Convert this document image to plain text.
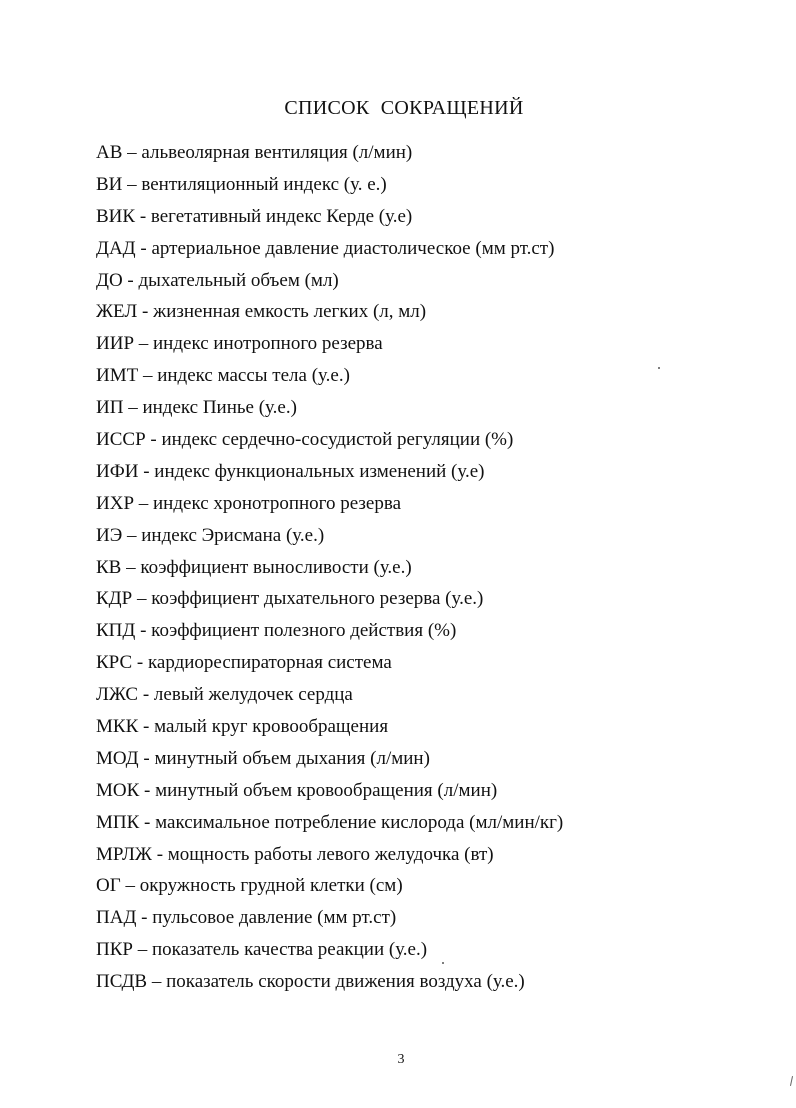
СПИСОК СОКРАЩЕНИЙ
АВ – альвеолярная вентиляция (л/мин)
ВИ – вентиляционный индекс (у. е.)
ВИК - вегетативный индекс Керде (у.е)
ДАД - артериальное давление диастолическое (мм рт.ст)
ДО - дыхательный объем (мл)
ЖЕЛ - жизненная емкость легких (л, мл)
ИИР – индекс инотропного резерва
ИМТ – индекс массы тела (у.е.)
ИП – индекс Пинье (у.е.)
ИССР - индекс сердечно-сосудистой регуляции (%)
ИФИ - индекс функциональных изменений (у.е)
ИХР – индекс хронотропного резерва
ИЭ – индекс Эрисмана (у.е.)
КВ – коэффициент выносливости (у.е.)
КДР – коэффициент дыхательного резерва (у.е.)
КПД - коэффициент полезного действия (%)
КРС - кардиореспираторная система
ЛЖС - левый желудочек сердца
МКК - малый круг кровообращения
МОД - минутный объем дыхания (л/мин)
МОК - минутный объем кровообращения (л/мин)
МПК - максимальное потребление кислорода (мл/мин/кг)
МРЛЖ - мощность работы левого желудочка (вт)
ОГ – окружность грудной клетки (см)
ПАД - пульсовое давление (мм рт.ст)
ПКР – показатель качества реакции (у.е.)
ПСДВ – показатель скорости движения воздуха (у.е.)
3
